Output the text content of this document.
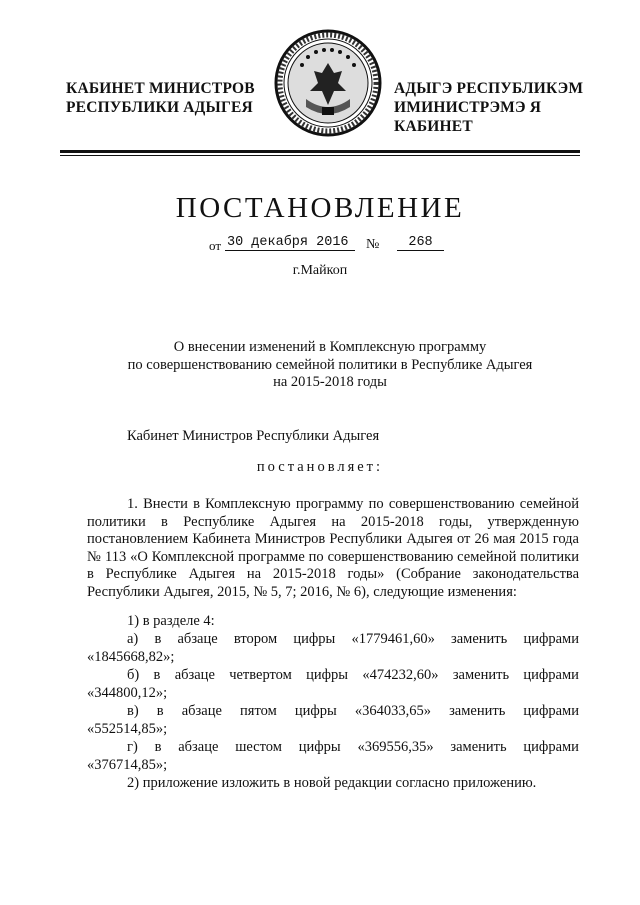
КАБИНЕТ МИНИСТРОВ
РЕСПУБЛИКИ АДЫГЕЯ
АДЫГЭ РЕСПУБЛИКЭМ
ИМИНИСТРЭМЭ Я КАБИНЕТ
ПОСТАНОВЛЕНИЕ
от 30 декабря 2016	№	268
г.Майкоп
О внесении изменений в Комплексную программу
по совершенствованию семейной политики в Республике Адыгея
на 2015-2018 годы
Кабинет Министров Республики Адыгея
постановляет:
1. Внести в Комплексную программу по совершенствованию семейной политики в Республике Адыгея на 2015-2018 годы, утвержденную постановлением Кабинета Министров Республики Адыгея от 26 мая 2015 года № 113 «О Комплексной программе по совершенствованию семейной политики в Республике Адыгея на 2015-2018 годы» (Собрание законодательства Республики Адыгея, 2015, № 5, 7; 2016, № 6), следующие изменения:
1) в разделе 4:
а) в абзаце втором цифры «1779461,60» заменить цифрами
«1845668,82»;
б) в абзаце четвертом цифры «474232,60» заменить цифрами
«344800,12»;
в) в абзаце пятом цифры «364033,65» заменить цифрами
«552514,85»;
г) в абзаце шестом цифры «369556,35» заменить цифрами
«376714,85»;
2) приложение изложить в новой редакции согласно приложению.
